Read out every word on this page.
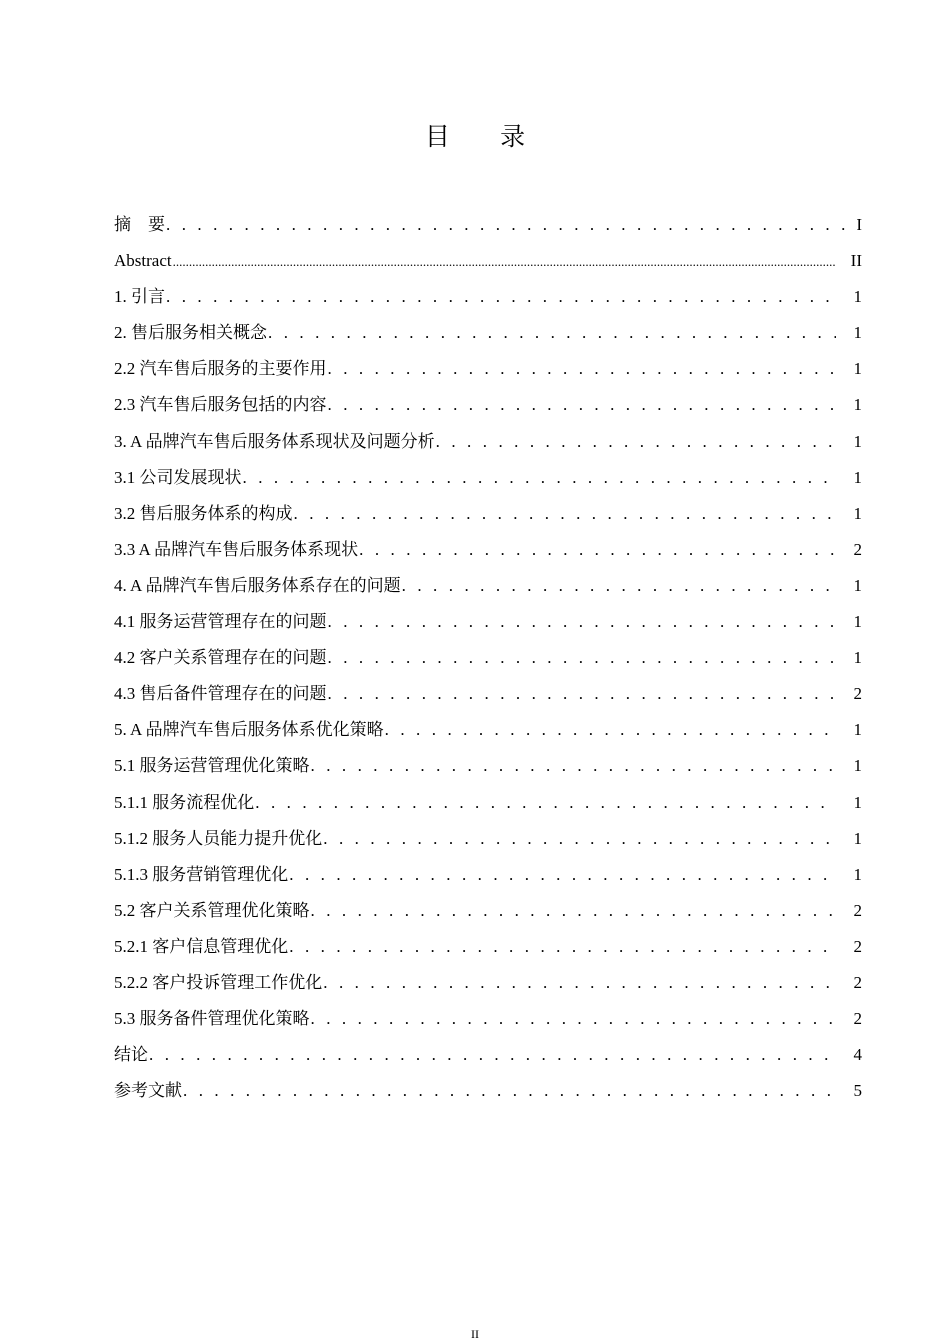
目 录
摘　要 . . .	I
Abstract .....	II
1. 引言 . . .	1
2. 售后服务相关概念 . . .	1
2.2 汽车售后服务的主要作用 . . .	1
2.3 汽车售后服务包括的内容 . . .	1
3. A 品牌汽车售后服务体系现状及问题分析 . . .	1
3.1 公司发展现状 . . .	1
3.2 售后服务体系的构成 . . .	1
3.3 A 品牌汽车售后服务体系现状 . . .	2
4. A 品牌汽车售后服务体系存在的问题 . . .	1
4.1 服务运营管理存在的问题 . . .	1
4.2 客户关系管理存在的问题 . . .	1
4.3 售后备件管理存在的问题 . . .	2
5. A 品牌汽车售后服务体系优化策略 . . .	1
5.1 服务运营管理优化策略 . . .	1
5.1.1 服务流程优化 . . .	1
5.1.2 服务人员能力提升优化 . . .	1
5.1.3 服务营销管理优化 . . .	1
5.2 客户关系管理优化策略 . . .	2
5.2.1 客户信息管理优化 . . .	2
5.2.2 客户投诉管理工作优化 . . .	2
5.3 服务备件管理优化策略 . . .	2
结论 . . .	4
参考文献 . . .	5
II
